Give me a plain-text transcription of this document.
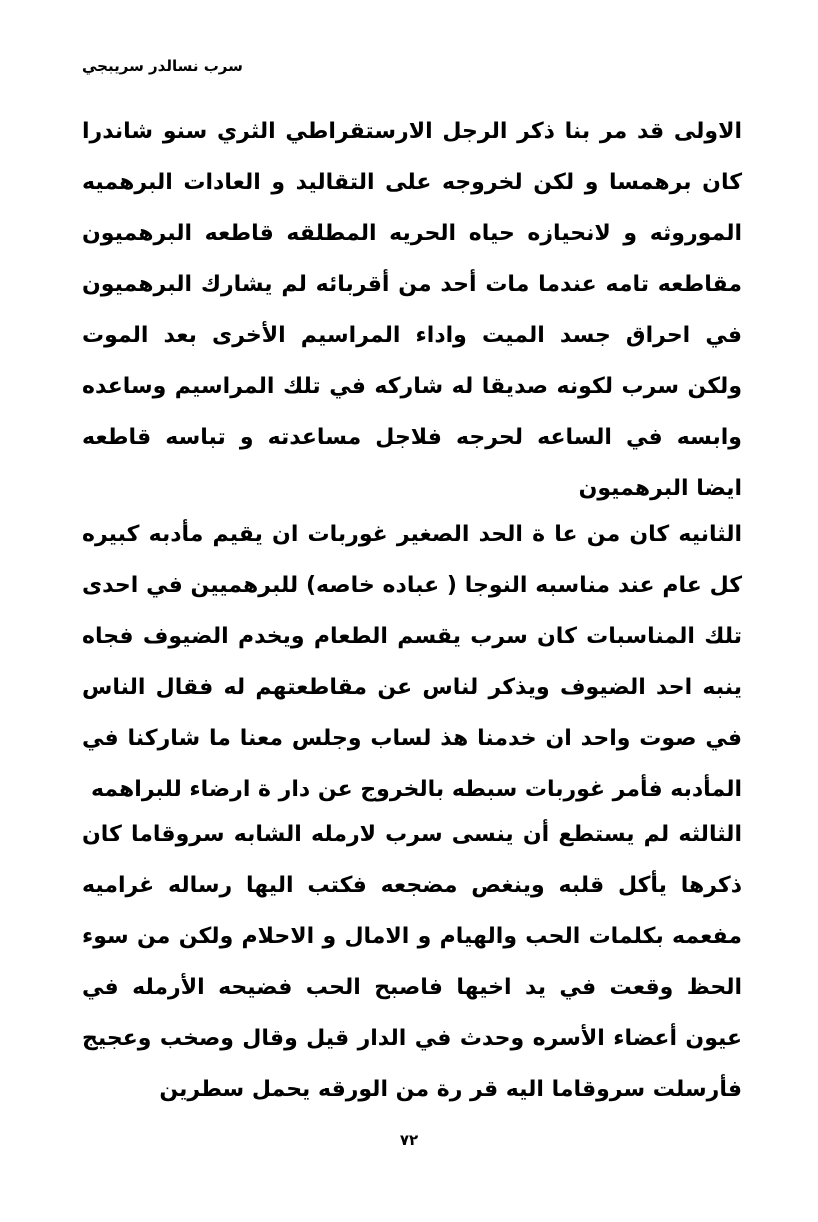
سرب نسالدر سريبجي

الاولى قد مر بنا ذكر الرجل الارستقراطي الثري سنو شاندرا كان برهمسا و لكن لخروجه على التقاليد و العادات البرهميه الموروثه و لانحيازه حياه الحريه المطلقه قاطعه البرهميون مقاطعه تامه عندما مات أحد من أقربائه لم يشارك البرهميون في احراق جسد الميت واداء المراسيم الأخرى بعد الموت ولكن سرب لكونه صديقا له شاركه في تلك المراسيم وساعده وابسه في الساعه لحرجه فلاجل مساعدته و تباسه قاطعه ايضا البرهميون

الثانيه كان من عا ة الحد الصغير غوربات ان يقيم مأدبه كبيره كل عام عند مناسبه النوجا ( عباده خاصه) للبرهميين في احدى تلك المناسبات كان سرب يقسم الطعام ويخدم الضيوف فجاه ينبه احد الضيوف ويذكر لناس عن مقاطعتهم له فقال الناس في صوت واحد ان خدمنا هذ لساب وجلس معنا ما شاركنا في المأدبه فأمر غوربات سبطه بالخروج عن دار ة ارضاء للبراهمه

الثالثه لم يستطع أن ينسى سرب لارمله الشابه سروقاما كان ذكرها يأكل قلبه وينغص مضجعه فكتب اليها رساله غراميه مفعمه بكلمات الحب والهيام و الامال و الاحلام ولكن من سوء الحظ وقعت في يد اخيها فاصبح الحب فضيحه الأرمله في عيون أعضاء الأسره وحدث في الدار قيل وقال وصخب وعجيج فأرسلت سروقاما اليه قر رة من الورقه يحمل سطرين

٧٢
